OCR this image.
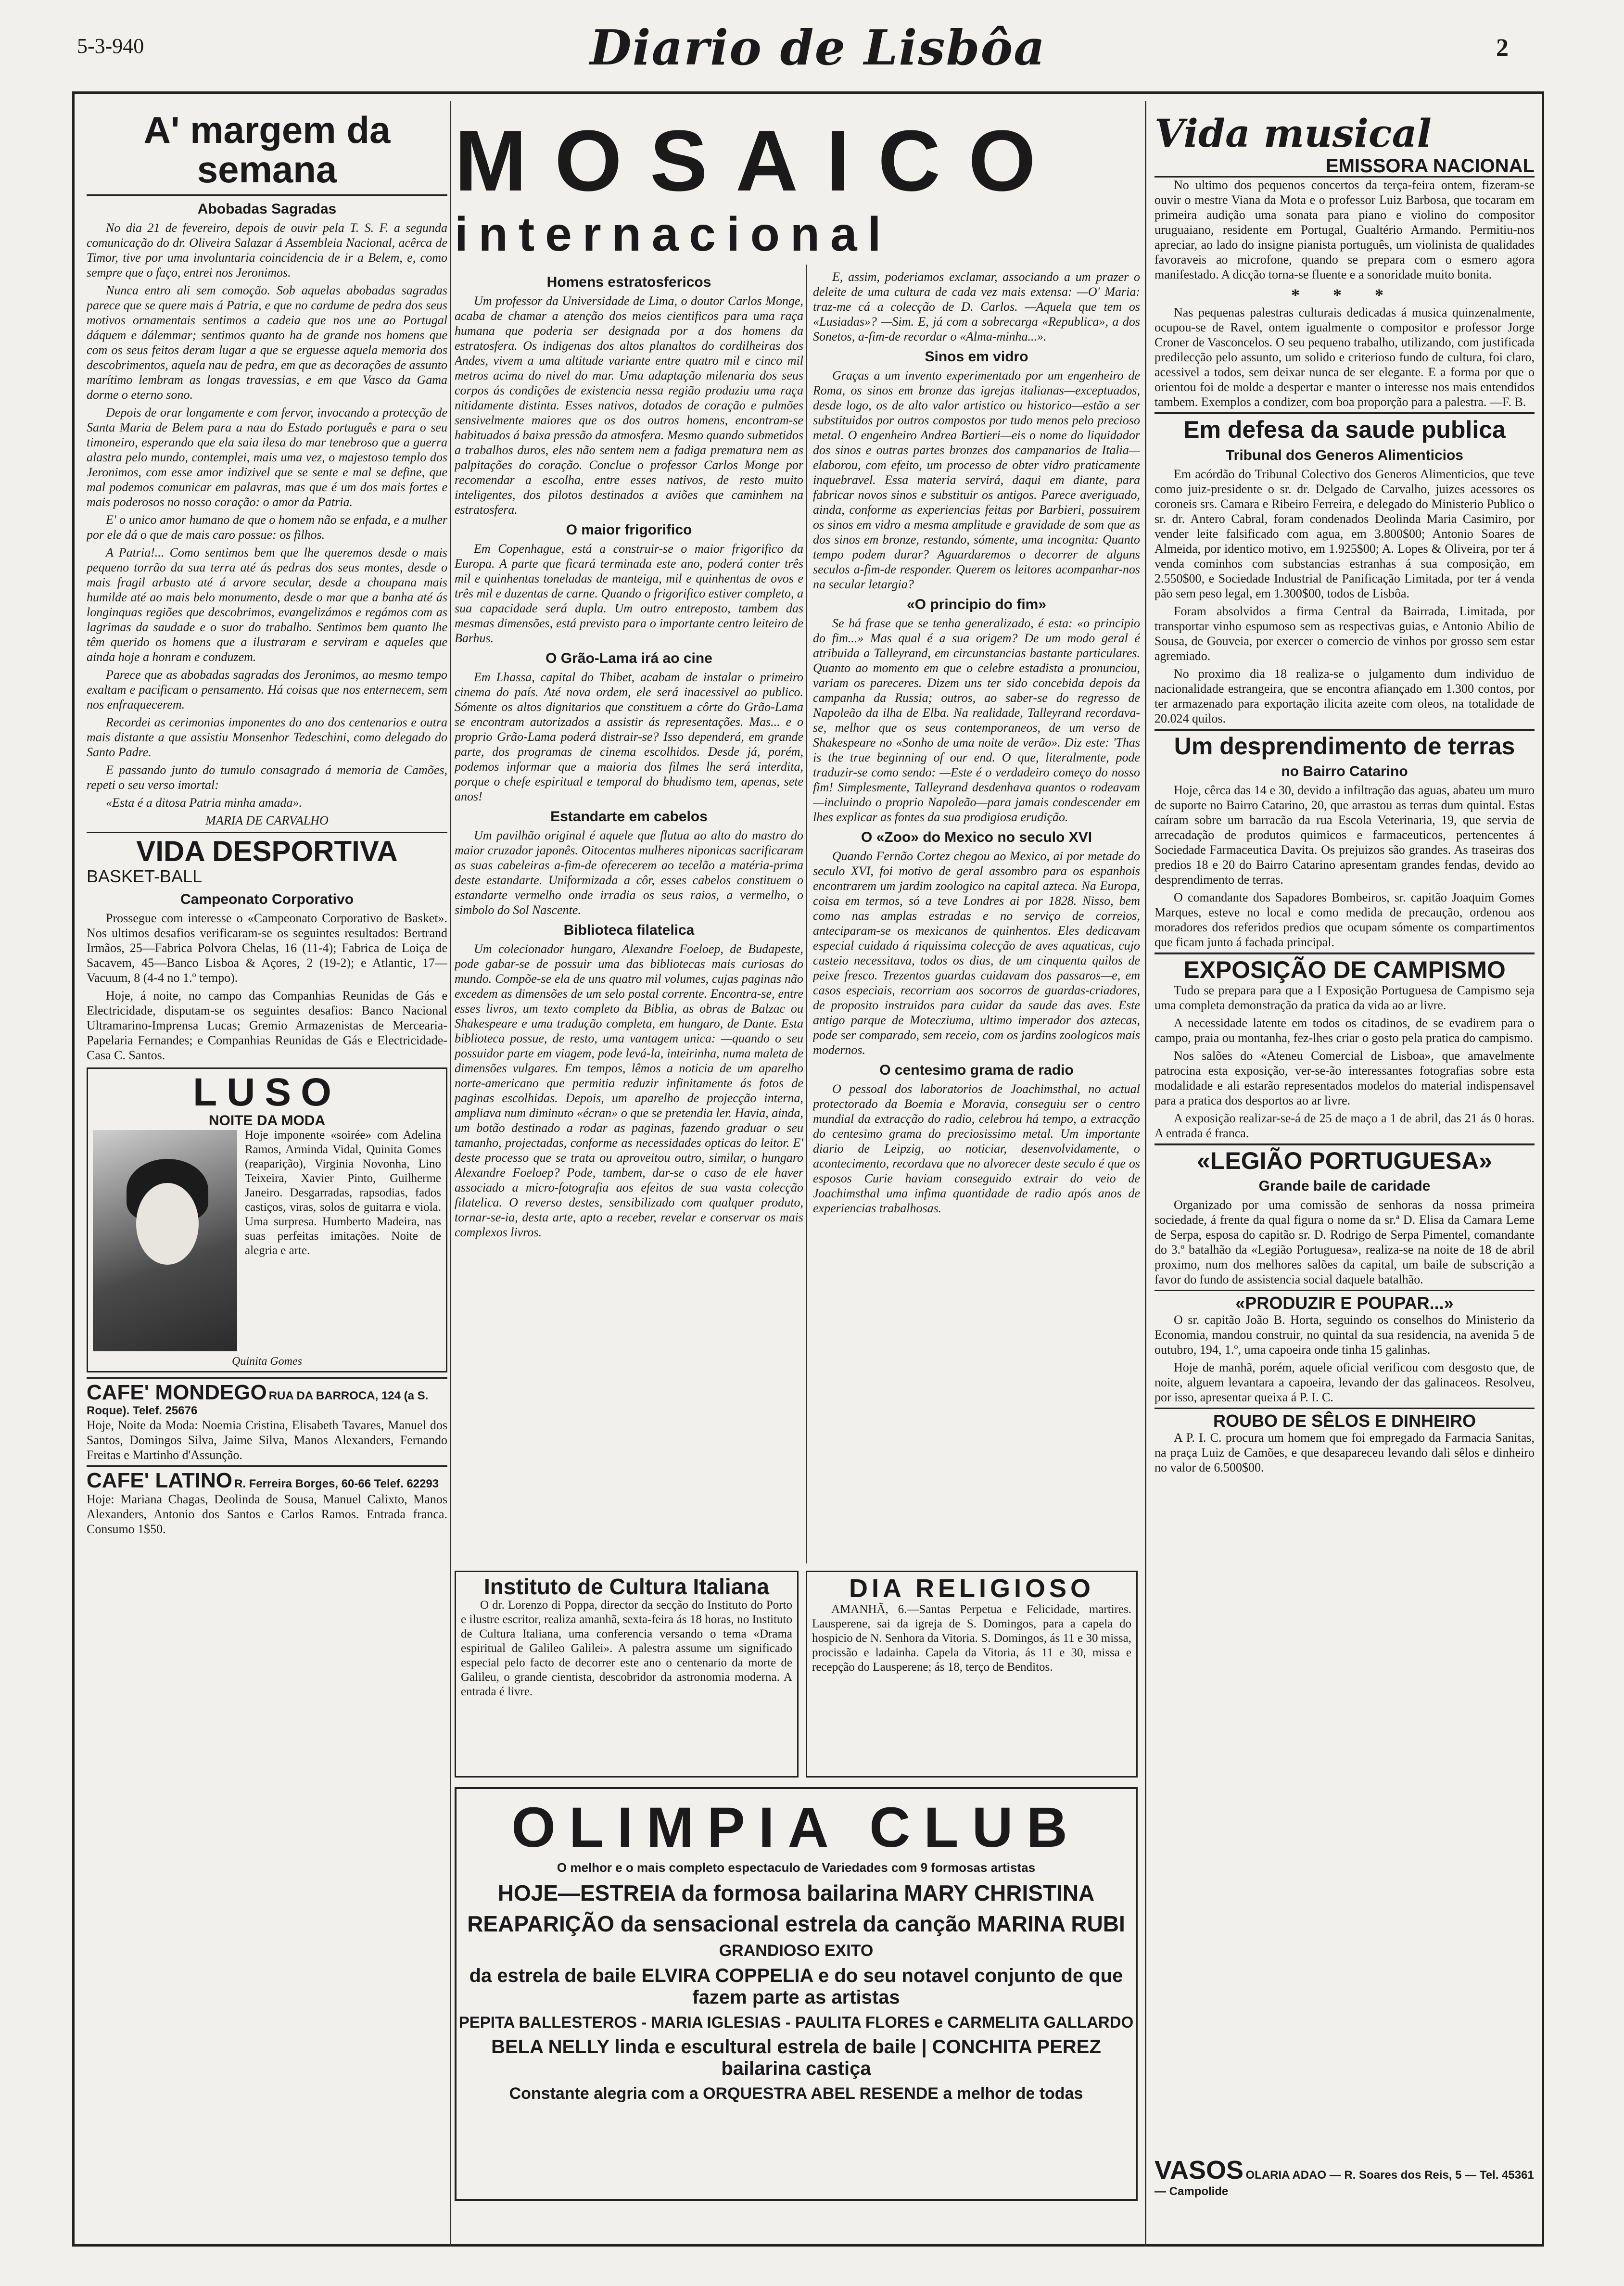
5-3-940	Diario de Lisbôa	2
A' margem da semana
Abobadas Sagradas

No dia 21 de fevereiro, depois de ouvir pela T. S. F. a segunda comunicação do dr. Oliveira Salazar á Assembleia Nacional, acêrca de Timor, tive por uma involuntaria coincidencia de ir a Belem, e, como sempre que o faço, entrei nos Jeronimos.

Nunca entro ali sem comoção. Sob aquelas abobadas sagradas parece que se quere mais á Patria, e que no cardume de pedra dos seus motivos ornamentais sentimos a cadeia que nos une ao Portugal dáquem e dálemmar; sentimos quanto ha de grande nos homens que com os seus feitos deram lugar a que se erguesse aquela memoria dos descobrimentos, aquela nau de pedra, em que as decorações de assunto marítimo lembram as longas travessias, e em que Vasco da Gama dorme o eterno sono.

Depois de orar longamente e com fervor, invocando a protecção de Santa Maria de Belem para a nau do Estado português e para o seu timoneiro, esperando que ela saia ilesa do mar tenebroso que a guerra alastra pelo mundo, contemplei, mais uma vez, o majestoso templo dos Jeronimos, com esse amor indizivel que se sente e mal se define, que mal podemos comunicar em palavras, mas que é um dos mais fortes e mais poderosos no nosso coração: o amor da Patria.

E' o unico amor humano de que o homem não se enfada, e a mulher por ele dá o que de mais caro possue: os filhos.

A Patria!... Como sentimos bem que lhe queremos desde o mais pequeno torrão da sua terra até ás pedras dos seus montes, desde o mais fragil arbusto até á arvore secular, desde a choupana mais humilde até ao mais belo monumento, desde o mar que a banha até ás longinquas regiões que descobrimos, evangelizámos e regámos com as lagrimas da saudade e o suor do trabalho. Sentimos bem quanto lhe têm querido os homens que a ilustraram e serviram e aqueles que ainda hoje a honram e conduzem.

Parece que as abobadas sagradas dos Jeronimos, ao mesmo tempo exaltam e pacificam o pensamento. Há coisas que nos enternecem, sem nos enfraquecerem.

Recordei as cerimonias imponentes do ano dos centenarios e outra mais distante a que assistiu Monsenhor Tedeschini, como delegado do Santo Padre.

E passando junto do tumulo consagrado á memoria de Camões, repeti o seu verso imortal:

«Esta é a ditosa Patria minha amada».

MARIA DE CARVALHO

VIDA DESPORTIVA
BASKET-BALL
Campeonato Corporativo

Prossegue com interesse o «Campeonato Corporativo de Basket». Nos ultimos desafios verificaram-se os seguintes resultados: Bertrand Irmãos, 25—Fabrica Polvora Chelas, 16 (11-4); Fabrica de Loiça de Sacavem, 45—Banco Lisboa & Açores, 2 (19-2); e Atlantic, 17—Vacuum, 8 (4-4 no 1.º tempo).

Hoje, á noite, no campo das Companhias Reunidas de Gás e Electricidade, disputam-se os seguintes desafios: Banco Nacional Ultramarino-Imprensa Lucas; Gremio Armazenistas de Mercearia-Papelaria Fernandes; e Companhias Reunidas de Gás e Electricidade-Casa C. Santos.

LUSO
NOITE DA MODA

Hoje imponente «soirée» com Adelina Ramos, Arminda Vidal, Quinita Gomes (reaparição), Virginia Novonha, Lino Teixeira, Xavier Pinto, Guilherme Janeiro. Desgarradas, rapsodias, fados castiços, viras, solos de guitarra e viola. Uma surpresa. Humberto Madeira, nas suas perfeitas imitações. Noite de alegria e arte.

Quinita Gomes
CAFE' MONDEGO RUA DA BARROCA, 124 (a S. Roque). Telef. 25676

Hoje, Noite da Moda: Noemia Cristina, Elisabeth Tavares, Manuel dos Santos, Domingos Silva, Jaime Silva, Manos Alexanders, Fernando Freitas e Martinho d'Assunção.

CAFE' LATINO R. Ferreira Borges, 60-66 Telef. 62293

Hoje: Mariana Chagas, Deolinda de Sousa, Manuel Calixto, Manos Alexanders, Antonio dos Santos e Carlos Ramos. Entrada franca. Consumo 1$50.

MOSAICO
internacional
Homens estratosfericos

Um professor da Universidade de Lima, o doutor Carlos Monge, acaba de chamar a atenção dos meios cientificos para uma raça humana que poderia ser designada por a dos homens da estratosfera. Os indigenas dos altos planaltos do cordilheiras dos Andes, vivem a uma altitude variante entre quatro mil e cinco mil metros acima do nivel do mar. Uma adaptação milenaria dos seus corpos ás condições de existencia nessa região produziu uma raça nitidamente distinta. Esses nativos, dotados de coração e pulmões sensivelmente maiores que os dos outros homens, encontram-se habituados á baixa pressão da atmosfera. Mesmo quando submetidos a trabalhos duros, eles não sentem nem a fadiga prematura nem as palpitações do coração. Conclue o professor Carlos Monge por recomendar a escolha, entre esses nativos, de resto muito inteligentes, dos pilotos destinados a aviões que caminhem na estratosfera.

O maior frigorifico

Em Copenhague, está a construir-se o maior frigorifico da Europa. A parte que ficará terminada este ano, poderá conter três mil e quinhentas toneladas de manteiga, mil e quinhentas de ovos e três mil e duzentas de carne. Quando o frigorifico estiver completo, a sua capacidade será dupla. Um outro entreposto, tambem das mesmas dimensões, está previsto para o importante centro leiteiro de Barhus.

O Grão-Lama irá ao cine

Em Lhassa, capital do Thibet, acabam de instalar o primeiro cinema do país. Até nova ordem, ele será inacessivel ao publico. Sómente os altos dignitarios que constituem a côrte do Grão-Lama se encontram autorizados a assistir ás representações. Mas... e o proprio Grão-Lama poderá distrair-se? Isso dependerá, em grande parte, dos programas de cinema escolhidos. Desde já, porém, podemos informar que a maioria dos filmes lhe será interdita, porque o chefe espiritual e temporal do bhudismo tem, apenas, sete anos!

Estandarte em cabelos

Um pavilhão original é aquele que flutua ao alto do mastro do maior cruzador japonês. Oitocentas mulheres niponicas sacrificaram as suas cabeleiras a-fim-de oferecerem ao tecelão a matéria-prima deste estandarte. Uniformizada a côr, esses cabelos constituem o estandarte vermelho onde irradia os seus raios, a vermelho, o simbolo do Sol Nascente.

Biblioteca filatelica

Um colecionador hungaro, Alexandre Foeloep, de Budapeste, pode gabar-se de possuir uma das bibliotecas mais curiosas do mundo. Compõe-se ela de uns quatro mil volumes, cujas paginas não excedem as dimensões de um selo postal corrente. Encontra-se, entre esses livros, um texto completo da Biblia, as obras de Balzac ou Shakespeare e uma tradução completa, em hungaro, de Dante. Esta biblioteca possue, de resto, uma vantagem unica: —quando o seu possuidor parte em viagem, pode levá-la, inteirinha, numa maleta de dimensões vulgares. Em tempos, lêmos a noticia de um aparelho norte-americano que permitia reduzir infinitamente ás fotos de paginas escolhidas. Depois, um aparelho de projecção interna, ampliava num diminuto «écran» o que se pretendia ler. Havia, ainda, um botão destinado a rodar as paginas, fazendo graduar o seu tamanho, projectadas, conforme as necessidades opticas do leitor. E' deste processo que se trata ou aproveitou outro, similar, o hungaro Alexandre Foeloep? Pode, tambem, dar-se o caso de ele haver associado a micro-fotografia aos efeitos de sua vasta colecção filatelica. O reverso destes, sensibilizado com qualquer produto, tornar-se-ia, desta arte, apto a receber, revelar e conservar os mais complexos livros.

E, assim, poderiamos exclamar, associando a um prazer o deleite de uma cultura de cada vez mais extensa: —O' Maria: traz-me cá a colecção de D. Carlos. —Aquela que tem os «Lusiadas»? —Sim. E, já com a sobrecarga «Republica», a dos Sonetos, a-fim-de recordar o «Alma-minha...».

Sinos em vidro

Graças a um invento experimentado por um engenheiro de Roma, os sinos em bronze das igrejas italianas—exceptuados, desde logo, os de alto valor artistico ou historico—estão a ser substituidos por outros compostos por tudo menos pelo precioso metal. O engenheiro Andrea Bartieri—eis o nome do liquidador dos sinos e outras partes bronzes dos campanarios de Italia—elaborou, com efeito, um processo de obter vidro praticamente inquebravel. Essa materia servirá, daqui em diante, para fabricar novos sinos e substituir os antigos. Parece averiguado, ainda, conforme as experiencias feitas por Barbieri, possuirem os sinos em vidro a mesma amplitude e gravidade de som que as dos sinos em bronze, restando, sómente, uma incognita: Quanto tempo podem durar? Aguardaremos o decorrer de alguns seculos a-fim-de responder. Querem os leitores acompanhar-nos na secular letargia?

«O principio do fim»

Se há frase que se tenha generalizado, é esta: «o principio do fim...» Mas qual é a sua origem? De um modo geral é atribuida a Talleyrand, em circunstancias bastante particulares. Quanto ao momento em que o celebre estadista a pronunciou, variam os pareceres. Dizem uns ter sido concebida depois da campanha da Russia; outros, ao saber-se do regresso de Napoleão da ilha de Elba. Na realidade, Talleyrand recordava-se, melhor que os seus contemporaneos, de um verso de Shakespeare no «Sonho de uma noite de verão». Diz este: 'Thas is the true beginning of our end. O que, literalmente, pode traduzir-se como sendo: —Este é o verdadeiro começo do nosso fim! Simplesmente, Talleyrand desdenhava quantos o rodeavam—incluindo o proprio Napoleão—para jamais condescender em lhes explicar as fontes da sua prodigiosa erudição.

O «Zoo» do Mexico no seculo XVI

Quando Fernão Cortez chegou ao Mexico, ai por metade do seculo XVI, foi motivo de geral assombro para os espanhois encontrarem um jardim zoologico na capital azteca. Na Europa, coisa em termos, só a teve Londres ai por 1828. Nisso, bem como nas amplas estradas e no serviço de correios, anteciparam-se os mexicanos de quinhentos. Eles dedicavam especial cuidado á riquissima colecção de aves aquaticas, cujo custeio necessitava, todos os dias, de um cinquenta quilos de peixe fresco. Trezentos guardas cuidavam dos passaros—e, em casos especiais, recorriam aos socorros de guardas-criadores, de proposito instruidos para cuidar da saude das aves. Este antigo parque de Motecziuma, ultimo imperador dos aztecas, pode ser comparado, sem receio, com os jardins zoologicos mais modernos.

O centesimo grama de radio

O pessoal dos laboratorios de Joachimsthal, no actual protectorado da Boemia e Moravia, conseguiu ser o centro mundial da extracção do radio, celebrou há tempo, a extracção do centesimo grama do preciosissimo metal. Um importante diario de Leipzig, ao noticiar, desenvolvidamente, o acontecimento, recordava que no alvorecer deste seculo é que os esposos Curie haviam conseguido extrair do veio de Joachimsthal uma infima quantidade de radio após anos de experiencias trabalhosas.

Instituto de Cultura Italiana

O dr. Lorenzo di Poppa, director da secção do Instituto do Porto e ilustre escritor, realiza amanhã, sexta-feira ás 18 horas, no Instituto de Cultura Italiana, uma conferencia versando o tema «Drama espiritual de Galileo Galilei». A palestra assume um significado especial pelo facto de decorrer este ano o centenario da morte de Galileu, o grande cientista, descobridor da astronomia moderna. A entrada é livre.

DIA RELIGIOSO

AMANHÃ, 6.—Santas Perpetua e Felicidade, martires. Lausperene, sai da igreja de S. Domingos, para a capela do hospicio de N. Senhora da Vitoria. S. Domingos, ás 11 e 30 missa, procissão e ladainha. Capela da Vitoria, ás 11 e 30, missa e recepção do Lausperene; ás 18, terço de Benditos.

OLIMPIA CLUB
O melhor e o mais completo espectaculo de Variedades com 9 formosas artistas
HOJE—ESTREIA da formosa bailarina MARY CHRISTINA
REAPARIÇÃO da sensacional estrela da canção MARINA RUBI
GRANDIOSO EXITO
da estrela de baile ELVIRA COPPELIA e do seu notavel conjunto de que fazem parte as artistas
PEPITA BALLESTEROS - MARIA IGLESIAS - PAULITA FLORES e CARMELITA GALLARDO
BELA NELLY linda e escultural estrela de baile | CONCHITA PEREZ bailarina castiça
Constante alegria com a ORQUESTRA ABEL RESENDE a melhor de todas
Vida musical
EMISSORA NACIONAL

No ultimo dos pequenos concertos da terça-feira ontem, fizeram-se ouvir o mestre Viana da Mota e o professor Luiz Barbosa, que tocaram em primeira audição uma sonata para piano e violino do compositor uruguaiano, residente em Portugal, Gualtério Armando. Permitiu-nos apreciar, ao lado do insigne pianista português, um violinista de qualidades favoraveis ao microfone, quando se prepara com o esmero agora manifestado. A dicção torna-se fluente e a sonoridade muito bonita.

* * *

Nas pequenas palestras culturais dedicadas á musica quinzenalmente, ocupou-se de Ravel, ontem igualmente o compositor e professor Jorge Croner de Vasconcelos. O seu pequeno trabalho, utilizando, com justificada predilecção pelo assunto, um solido e criterioso fundo de cultura, foi claro, acessivel a todos, sem deixar nunca de ser elegante. E a forma por que o orientou foi de molde a despertar e manter o interesse nos mais entendidos tambem. Exemplos a condizer, com boa proporção para a palestra. —F. B.

Em defesa da saude publica
Tribunal dos Generos Alimenticios

Em acórdão do Tribunal Colectivo dos Generos Alimenticios, que teve como juiz-presidente o sr. dr. Delgado de Carvalho, juizes acessores os coroneis srs. Camara e Ribeiro Ferreira, e delegado do Ministerio Publico o sr. dr. Antero Cabral, foram condenados Deolinda Maria Casimiro, por vender leite falsificado com agua, em 3.800$00; Antonio Soares de Almeida, por identico motivo, em 1.925$00; A. Lopes & Oliveira, por ter á venda cominhos com substancias estranhas á sua composição, em 2.550$00, e Sociedade Industrial de Panificação Limitada, por ter á venda pão sem peso legal, em 1.300$00, todos de Lisbôa.

Foram absolvidos a firma Central da Bairrada, Limitada, por transportar vinho espumoso sem as respectivas guias, e Antonio Abilio de Sousa, de Gouveia, por exercer o comercio de vinhos por grosso sem estar agremiado.

No proximo dia 18 realiza-se o julgamento dum individuo de nacionalidade estrangeira, que se encontra afiançado em 1.300 contos, por ter armazenado para exportação ilicita azeite com oleos, na totalidade de 20.024 quilos.

Um desprendimento de terras
no Bairro Catarino

Hoje, cêrca das 14 e 30, devido a infiltração das aguas, abateu um muro de suporte no Bairro Catarino, 20, que arrastou as terras dum quintal. Estas caíram sobre um barracão da rua Escola Veterinaria, 19, que servia de arrecadação de produtos quimicos e farmaceuticos, pertencentes á Sociedade Farmaceutica Davita. Os prejuizos são grandes. As traseiras dos predios 18 e 20 do Bairro Catarino apresentam grandes fendas, devido ao desprendimento de terras.

O comandante dos Sapadores Bombeiros, sr. capitão Joaquim Gomes Marques, esteve no local e como medida de precaução, ordenou aos moradores dos referidos predios que ocupam sómente os compartimentos que ficam junto á fachada principal.

EXPOSIÇÃO DE CAMPISMO

Tudo se prepara para que a I Exposição Portuguesa de Campismo seja uma completa demonstração da pratica da vida ao ar livre.

A necessidade latente em todos os citadinos, de se evadirem para o campo, praia ou montanha, fez-lhes criar o gosto pela pratica do campismo.

Nos salões do «Ateneu Comercial de Lisboa», que amavelmente patrocina esta exposição, ver-se-ão interessantes fotografias sobre esta modalidade e ali estarão representados modelos do material indispensavel para a pratica dos desportos ao ar livre.

A exposição realizar-se-á de 25 de maço a 1 de abril, das 21 ás 0 horas. A entrada é franca.

«LEGIÃO PORTUGUESA»
Grande baile de caridade

Organizado por uma comissão de senhoras da nossa primeira sociedade, á frente da qual figura o nome da sr.ª D. Elisa da Camara Leme de Serpa, esposa do capitão sr. D. Rodrigo de Serpa Pimentel, comandante do 3.º batalhão da «Legião Portuguesa», realiza-se na noite de 18 de abril proximo, num dos melhores salões da capital, um baile de subscrição a favor do fundo de assistencia social daquele batalhão.

«PRODUZIR E POUPAR...»

O sr. capitão João B. Horta, seguindo os conselhos do Ministerio da Economia, mandou construir, no quintal da sua residencia, na avenida 5 de outubro, 194, 1.º, uma capoeira onde tinha 15 galinhas.

Hoje de manhã, porém, aquele oficial verificou com desgosto que, de noite, alguem levantara a capoeira, levando der das galinaceos. Resolveu, por isso, apresentar queixa á P. I. C.

ROUBO DE SÊLOS E DINHEIRO

A P. I. C. procura um homem que foi empregado da Farmacia Sanitas, na praça Luiz de Camões, e que desapareceu levando dali sêlos e dinheiro no valor de 6.500$00.

VASOS OLARIA ADAO — R. Soares dos Reis, 5 — Tel. 45361 — Campolide
